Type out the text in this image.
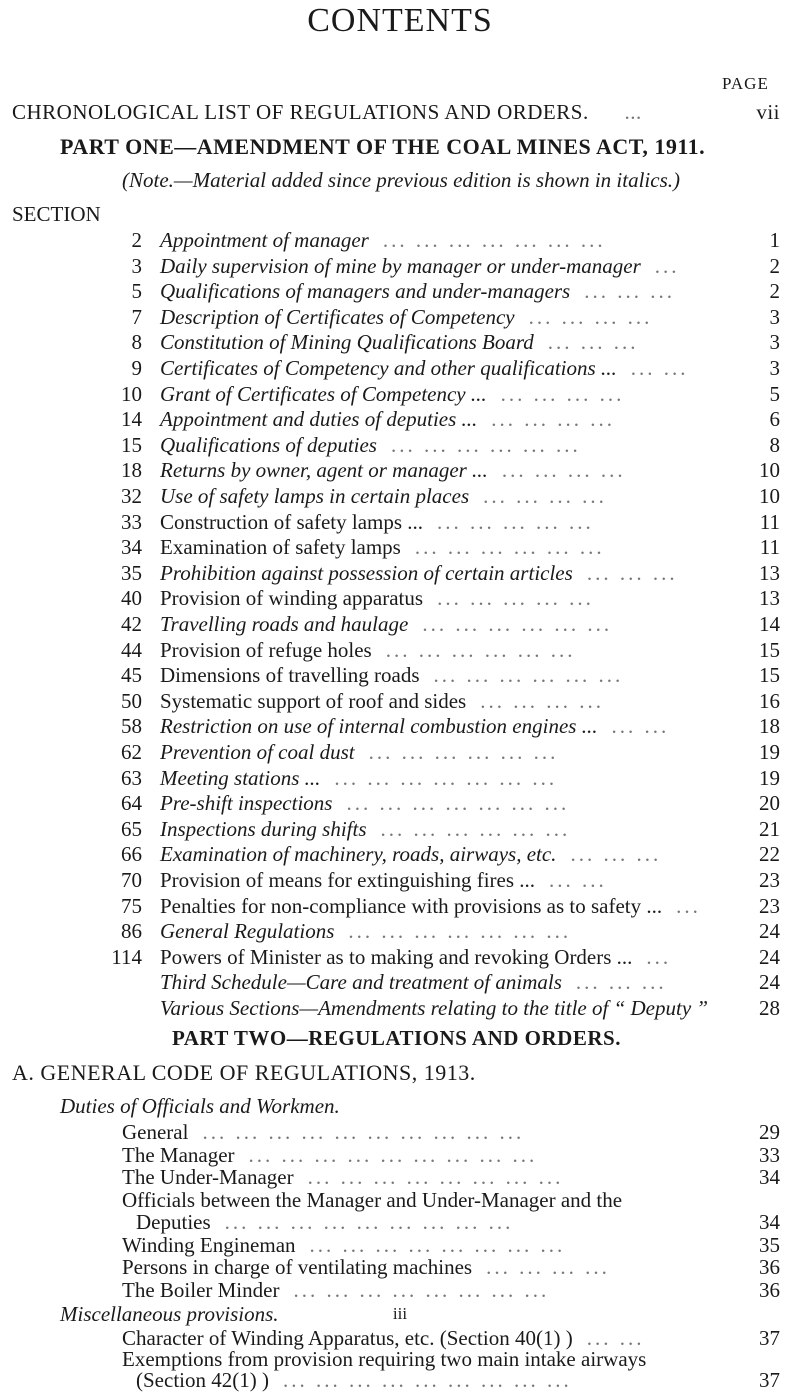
CONTENTS
PAGE
CHRONOLOGICAL LIST OF REGULATIONS AND ORDERS. ...	vii
PART ONE—AMENDMENT OF THE COAL MINES ACT, 1911.
(Note.—Material added since previous edition is shown in italics.)
SECTION
2 Appointment of manager ... ... ... ... ... ... ...	1
3 Daily supervision of mine by manager or under-manager ...	2
5 Qualifications of managers and under-managers ... ... ...	2
7 Description of Certificates of Competency ... ... ... ...	3
8 Constitution of Mining Qualifications Board ... ... ...	3
9 Certificates of Competency and other qualifications ... ... ...	3
10 Grant of Certificates of Competency ... ... ... ... ...	5
14 Appointment and duties of deputies ... ... ... ... ...	6
15 Qualifications of deputies ... ... ... ... ... ...	8
18 Returns by owner, agent or manager ... ... ... ... ...	10
32 Use of safety lamps in certain places ... ... ... ...	10
33 Construction of safety lamps ... ... ... ... ... ...	11
34 Examination of safety lamps ... ... ... ... ... ...	11
35 Prohibition against possession of certain articles ... ... ...	13
40 Provision of winding apparatus ... ... ... ... ...	13
42 Travelling roads and haulage ... ... ... ... ... ...	14
44 Provision of refuge holes ... ... ... ... ... ...	15
45 Dimensions of travelling roads ... ... ... ... ... ...	15
50 Systematic support of roof and sides ... ... ... ...	16
58 Restriction on use of internal combustion engines ... ... ...	18
62 Prevention of coal dust ... ... ... ... ... ...	19
63 Meeting stations ... ... ... ... ... ... ... ...	19
64 Pre-shift inspections ... ... ... ... ... ... ...	20
65 Inspections during shifts ... ... ... ... ... ...	21
66 Examination of machinery, roads, airways, etc. ... ... ...	22
70 Provision of means for extinguishing fires ... ... ...	23
75 Penalties for non-compliance with provisions as to safety ... ...	23
86 General Regulations ... ... ... ... ... ... ...	24
114 Powers of Minister as to making and revoking Orders ... ...	24
Third Schedule—Care and treatment of animals ... ... ...	24
Various Sections—Amendments relating to the title of “ Deputy ”	28
PART TWO—REGULATIONS AND ORDERS.
A. GENERAL CODE OF REGULATIONS, 1913.
Duties of Officials and Workmen.
General ... ... ... ... ... ... ... ... ... ...	29
The Manager ... ... ... ... ... ... ... ... ...	33
The Under-Manager ... ... ... ... ... ... ... ...	34
Officials between the Manager and Under-Manager and the
Deputies ... ... ... ... ... ... ... ... ...	34
Winding Engineman ... ... ... ... ... ... ... ...	35
Persons in charge of ventilating machines ... ... ... ...	36
The Boiler Minder ... ... ... ... ... ... ... ...	36
Miscellaneous provisions.
Character of Winding Apparatus, etc. (Section 40(1) ) ... ...	37
Exemptions from provision requiring two main intake airways
(Section 42(1) ) ... ... ... ... ... ... ... ... ...	37
iii
